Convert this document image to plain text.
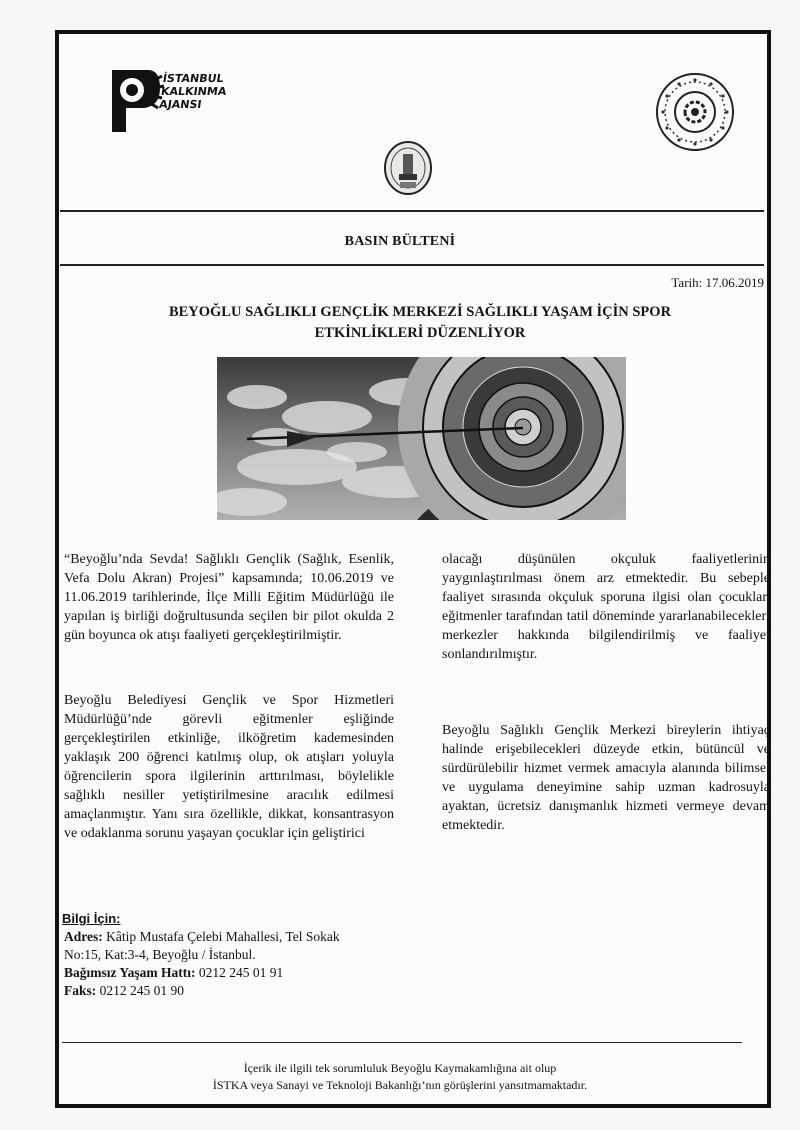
İSTANBUL
KALKINMA
AJANSI
BASIN BÜLTENİ
Tarih: 17.06.2019
BEYOĞLU SAĞLIKLI GENÇLİK MERKEZİ SAĞLIKLI YAŞAM İÇİN SPOR
ETKİNLİKLERİ DÜZENLİYOR

“Beyoğlu’nda Sevda! Sağlıklı Gençlik (Sağlık, Esenlik, Vefa Dolu Akran) Projesi” kapsamında; 10.06.2019 ve 11.06.2019 tarihlerinde, İlçe Milli Eğitim Müdürlüğü ile yapılan iş birliği doğrultusunda seçilen bir pilot okulda 2 gün boyunca ok atışı faaliyeti gerçekleştirilmiştir.

Beyoğlu Belediyesi Gençlik ve Spor Hizmetleri Müdürlüğü’nde görevli eğitmenler eşliğinde gerçekleştirilen etkinliğe, ilköğretim kademesinden yaklaşık 200 öğrenci katılmış olup, ok atışları yoluyla öğrencilerin spora ilgilerinin arttırılması, böylelikle sağlıklı nesiller yetiştirilmesine aracılık edilmesi amaçlanmıştır. Yanı sıra özellikle, dikkat, konsantrasyon ve odaklanma sorunu yaşayan çocuklar için geliştirici

olacağı düşünülen okçuluk faaliyetlerinin yaygınlaştırılması önem arz etmektedir. Bu sebeple faaliyet sırasında okçuluk sporuna ilgisi olan çocuklar, eğitmenler tarafından tatil döneminde yararlanabilecekleri merkezler hakkında bilgilendirilmiş ve faaliyet sonlandırılmıştır.

Beyoğlu Sağlıklı Gençlik Merkezi bireylerin ihtiyaç halinde erişebilecekleri düzeyde etkin, bütüncül ve sürdürülebilir hizmet vermek amacıyla alanında bilimsel ve uygulama deneyimine sahip uzman kadrosuyla ayaktan, ücretsiz danışmanlık hizmeti vermeye devam etmektedir.

Bilgi İçin:
Adres: Kâtip Mustafa Çelebi Mahallesi, Tel Sokak
No:15, Kat:3-4, Beyoğlu / İstanbul.
Bağımsız Yaşam Hattı: 0212 245 01 91
Faks: 0212 245 01 90
İçerik ile ilgili tek sorumluluk Beyoğlu Kaymakamlığına ait olup
İSTKA veya Sanayi ve Teknoloji Bakanlığı’nın görüşlerini yansıtmamaktadır.
